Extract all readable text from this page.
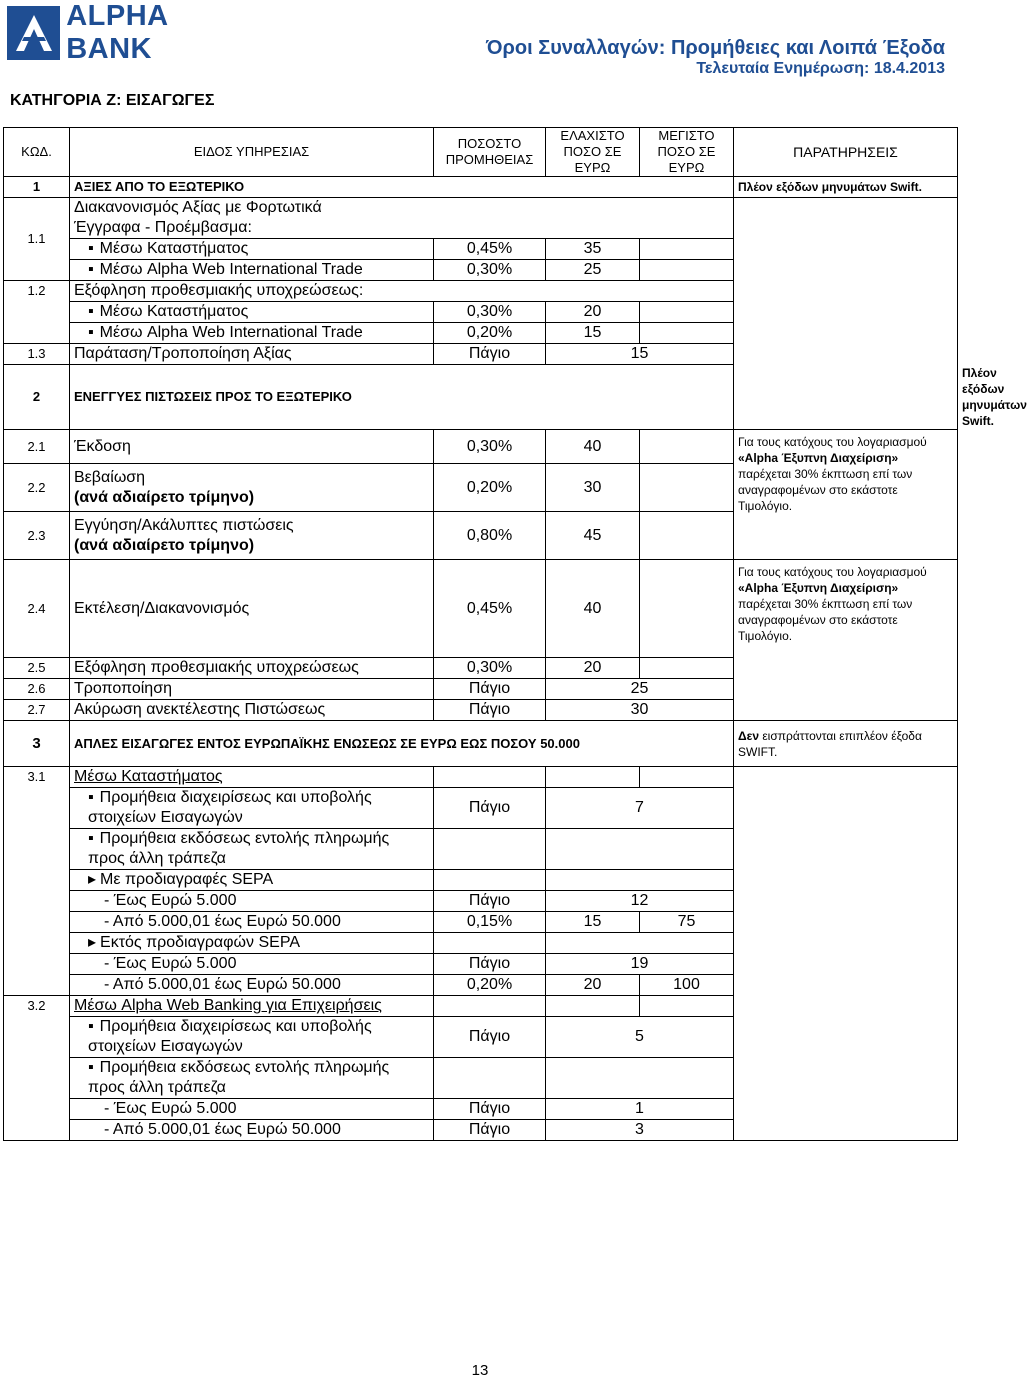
ALPHA BANK	Όροι Συναλλαγών: Προμήθειες και Λοιπά Έξοδα
Τελευταία Ενημέρωση: 18.4.2013
ΚΑΤΗΓΟΡΙΑ Ζ: ΕΙΣΑΓΩΓΕΣ
ΚΩΔ.	ΕΙΔΟΣ ΥΠΗΡΕΣΙΑΣ	ΠΟΣΟΣΤΟ ΠΡΟΜΗΘΕΙΑΣ	ΕΛΑΧΙΣΤΟ ΠΟΣΟ ΣΕ ΕΥΡΩ	ΜΕΓΙΣΤΟ ΠΟΣΟ ΣΕ ΕΥΡΩ	ΠΑΡΑΤΗΡΗΣΕΙΣ	
1	ΑΞΙΕΣ ΑΠΟ ΤΟ ΕΞΩΤΕΡΙΚΟ				Πλέον εξόδων μηνυμάτων Swift.	
1.1	Διακανονισμός Αξίας με Φορτωτικά
Έγγραφα - Προέμβασμα:					

	▪ Μέσω Καταστήματος	0,45%	35			
	▪ Μέσω Alpha Web International Trade	0,30%	25			
1.2	Εξόφληση προθεσμιακής υποχρεώσεως:					
	▪ Μέσω Καταστήματος	0,30%	20			
	▪ Μέσω Alpha Web International Trade	0,20%	15			
1.3	Παράταση/Τροποποίηση Αξίας	Πάγιο	15			
2	ΕΝΕΓΓΥΕΣ ΠΙΣΤΩΣΕΙΣ ΠΡΟΣ ΤΟ ΕΞΩΤΕΡΙΚΟ					Πλέον εξόδων μηνυμάτων Swift.
2.1	Έκδοση	0,30%	40		Για τους κατόχους του λογαριασμού «Alpha Έξυπνη Διαχείριση» παρέχεται 30% έκπτωση επί των αναγραφομένων στο εκάστοτε Τιμολόγιο.	
2.2	Βεβαίωση
(ανά αδιαίρετο τρίμηνο)	0,20%	30			
2.3	Εγγύηση/Ακάλυπτες πιστώσεις
(ανά αδιαίρετο τρίμηνο)	0,80%	45			
2.4	Εκτέλεση/Διακανονισμός	0,45%	40		Για τους κατόχους του λογαριασμού «Alpha Έξυπνη Διαχείριση» παρέχεται 30% έκπτωση επί των αναγραφομένων στο εκάστοτε Τιμολόγιο.	
2.5	Εξόφληση προθεσμιακής υποχρεώσεως	0,30%	20			
2.6	Τροποποίηση	Πάγιο	25			
2.7	Ακύρωση ανεκτέλεστης Πιστώσεως	Πάγιο	30			
3	ΑΠΛΕΣ ΕΙΣΑΓΩΓΕΣ ΕΝΤΟΣ ΕΥΡΩΠΑΪΚΗΣ ΕΝΩΣΕΩΣ ΣΕ ΕΥΡΩ ΕΩΣ ΠΟΣΟΥ 50.000				Δεν εισπράττονται επιπλέον έξοδα SWIFT.	
3.1	Μέσω Καταστήματος					
	▪ Προμήθεια διαχειρίσεως και υποβολής στοιχείων Εισαγωγών	Πάγιο	7			
	▪ Προμήθεια εκδόσεως εντολής πληρωμής προς άλλη τράπεζα		
	▸ Με προδιαγραφές SEPA		
	- Έως Ευρώ 5.000	Πάγιο	12			
	- Από 5.000,01 έως Ευρώ 50.000	0,15%	15	75		
	▸ Εκτός προδιαγραφών SEPA		
	- Έως Ευρώ 5.000	Πάγιο	19			
	- Από 5.000,01 έως Ευρώ 50.000	0,20%	20	100		
3.2	Μέσω Alpha Web Banking για Επιχειρήσεις					
	▪ Προμήθεια διαχειρίσεως και υποβολής στοιχείων Εισαγωγών	Πάγιο	5			
	▪ Προμήθεια εκδόσεως εντολής πληρωμής προς άλλη τράπεζα		
	- Έως Ευρώ 5.000	Πάγιο	1			
	- Από 5.000,01 έως Ευρώ 50.000	Πάγιο	3			
13
